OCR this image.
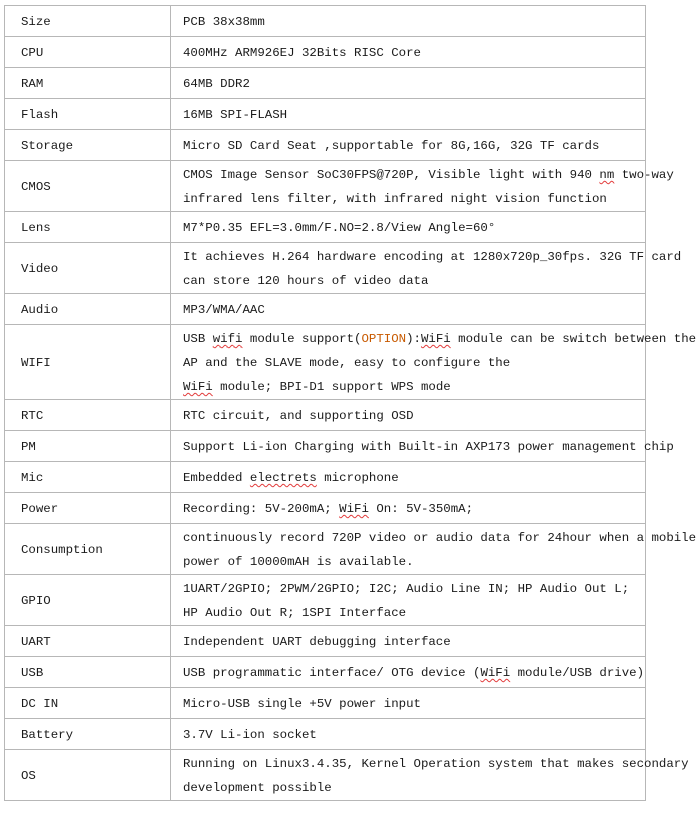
Size	PCB 38x38mm

CPU	400MHz ARM926EJ 32Bits RISC Core

RAM	64MB DDR2

Flash	16MB SPI-FLASH

Storage	Micro SD Card Seat ,supportable for 8G,16G, 32G TF cards

CMOS	CMOS Image Sensor SoC30FPS@720P, Visible light with 940 nm two-way
infrared lens filter, with infrared night vision function

Lens	M7*P0.35 EFL=3.0mm/F.NO=2.8/View Angle=60°

Video	It achieves H.264 hardware encoding at 1280x720p_30fps. 32G TF card
can store 120 hours of video data

Audio	MP3/WMA/AAC

WIFI	USB wifi module support(OPTION):WiFi module can be switch between the
AP and the SLAVE mode, easy to configure the
WiFi module; BPI-D1 support WPS mode

RTC	RTC circuit, and supporting OSD

PM	Support Li-ion Charging with Built-in AXP173 power management chip

Mic	Embedded electrets microphone

Power	Recording: 5V-200mA; WiFi On: 5V-350mA;

Consumption	continuously record 720P video or audio data for 24hour when a mobile
power of 10000mAH is available.

GPIO	1UART/2GPIO; 2PWM/2GPIO; I2C; Audio Line IN; HP Audio Out L;
HP Audio Out R; 1SPI Interface

UART	Independent UART debugging interface

USB	USB programmatic interface/ OTG device (WiFi module/USB drive)

DC IN	Micro-USB single +5V power input

Battery	3.7V Li-ion socket

OS	Running on Linux3.4.35, Kernel Operation system that makes secondary
development possible
